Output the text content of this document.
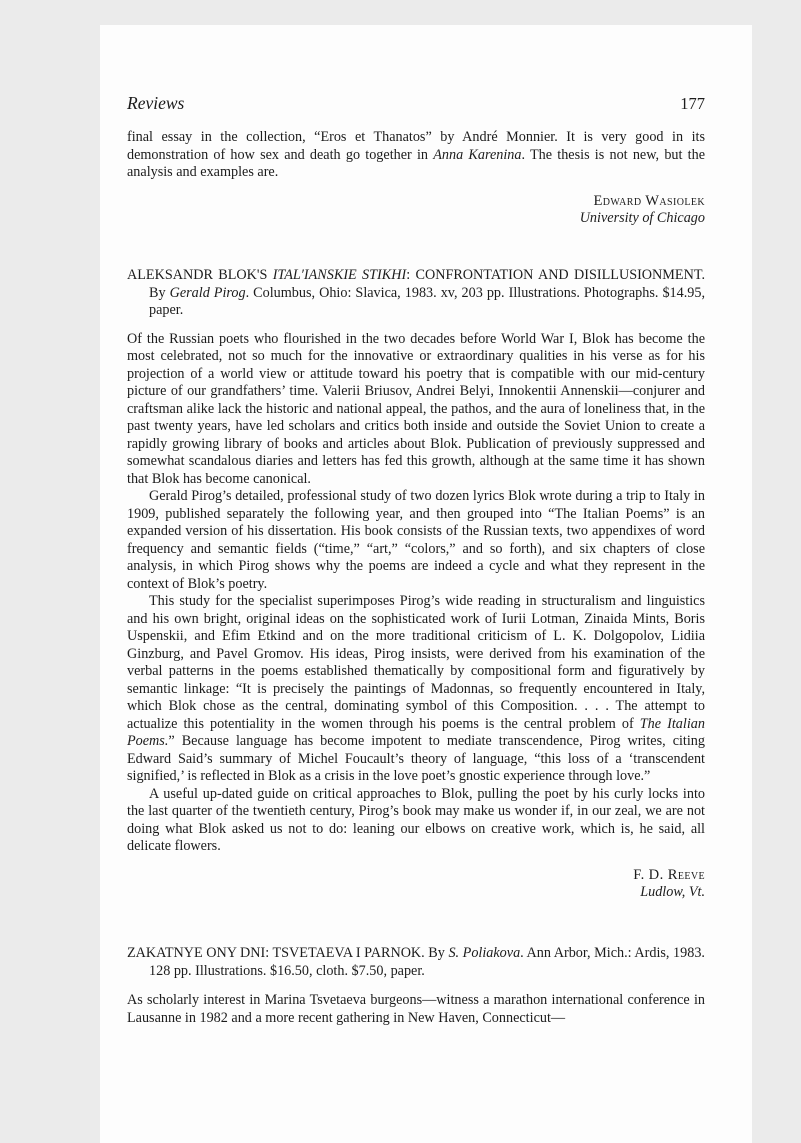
Reviews	177

final essay in the collection, “Eros et Thanatos” by André Monnier. It is very good in its demonstration of how sex and death go together in Anna Karenina. The thesis is not new, but the analysis and examples are.

Edward Wasiolek
University of Chicago
ALEKSANDR BLOK'S ITAL′IANSKIE STIKHI: CONFRONTATION AND DISILLUSIONMENT. By Gerald Pirog. Columbus, Ohio: Slavica, 1983. xv, 203 pp. Illustrations. Photographs. $14.95, paper.

Of the Russian poets who flourished in the two decades before World War I, Blok has become the most celebrated, not so much for the innovative or extraordinary qualities in his verse as for his projection of a world view or attitude toward his poetry that is compatible with our mid-century picture of our grandfathers’ time. Valerii Briusov, Andrei Belyi, Innokentii Annenskii—conjurer and craftsman alike lack the historic and national appeal, the pathos, and the aura of loneliness that, in the past twenty years, have led scholars and critics both inside and outside the Soviet Union to create a rapidly growing library of books and articles about Blok. Publication of previously suppressed and somewhat scandalous diaries and letters has fed this growth, although at the same time it has shown that Blok has become canonical.

Gerald Pirog’s detailed, professional study of two dozen lyrics Blok wrote during a trip to Italy in 1909, published separately the following year, and then grouped into “The Italian Poems” is an expanded version of his dissertation. His book consists of the Russian texts, two appendixes of word frequency and semantic fields (“time,” “art,” “colors,” and so forth), and six chapters of close analysis, in which Pirog shows why the poems are indeed a cycle and what they represent in the context of Blok’s poetry.

This study for the specialist superimposes Pirog’s wide reading in structuralism and linguistics and his own bright, original ideas on the sophisticated work of Iurii Lotman, Zinaida Mints, Boris Uspenskii, and Efim Etkind and on the more traditional criticism of L. K. Dolgopolov, Lidiia Ginzburg, and Pavel Gromov. His ideas, Pirog insists, were derived from his examination of the verbal patterns in the poems established thematically by compositional form and figuratively by semantic linkage: “It is precisely the paintings of Madonnas, so frequently encountered in Italy, which Blok chose as the central, dominating symbol of this Composition. . . . The attempt to actualize this potentiality in the women through his poems is the central problem of The Italian Poems.” Because language has become impotent to mediate transcendence, Pirog writes, citing Edward Said’s summary of Michel Foucault’s theory of language, “this loss of a ‘transcendent signified,’ is reflected in Blok as a crisis in the love poet’s gnostic experience through love.”

A useful up-dated guide on critical approaches to Blok, pulling the poet by his curly locks into the last quarter of the twentieth century, Pirog’s book may make us wonder if, in our zeal, we are not doing what Blok asked us not to do: leaning our elbows on creative work, which is, he said, all delicate flowers.

F. D. Reeve
Ludlow, Vt.
ZAKATNYE ONY DNI: TSVETAEVA I PARNOK. By S. Poliakova. Ann Arbor, Mich.: Ardis, 1983. 128 pp. Illustrations. $16.50, cloth. $7.50, paper.

As scholarly interest in Marina Tsvetaeva burgeons—witness a marathon international conference in Lausanne in 1982 and a more recent gathering in New Haven, Connecticut—
